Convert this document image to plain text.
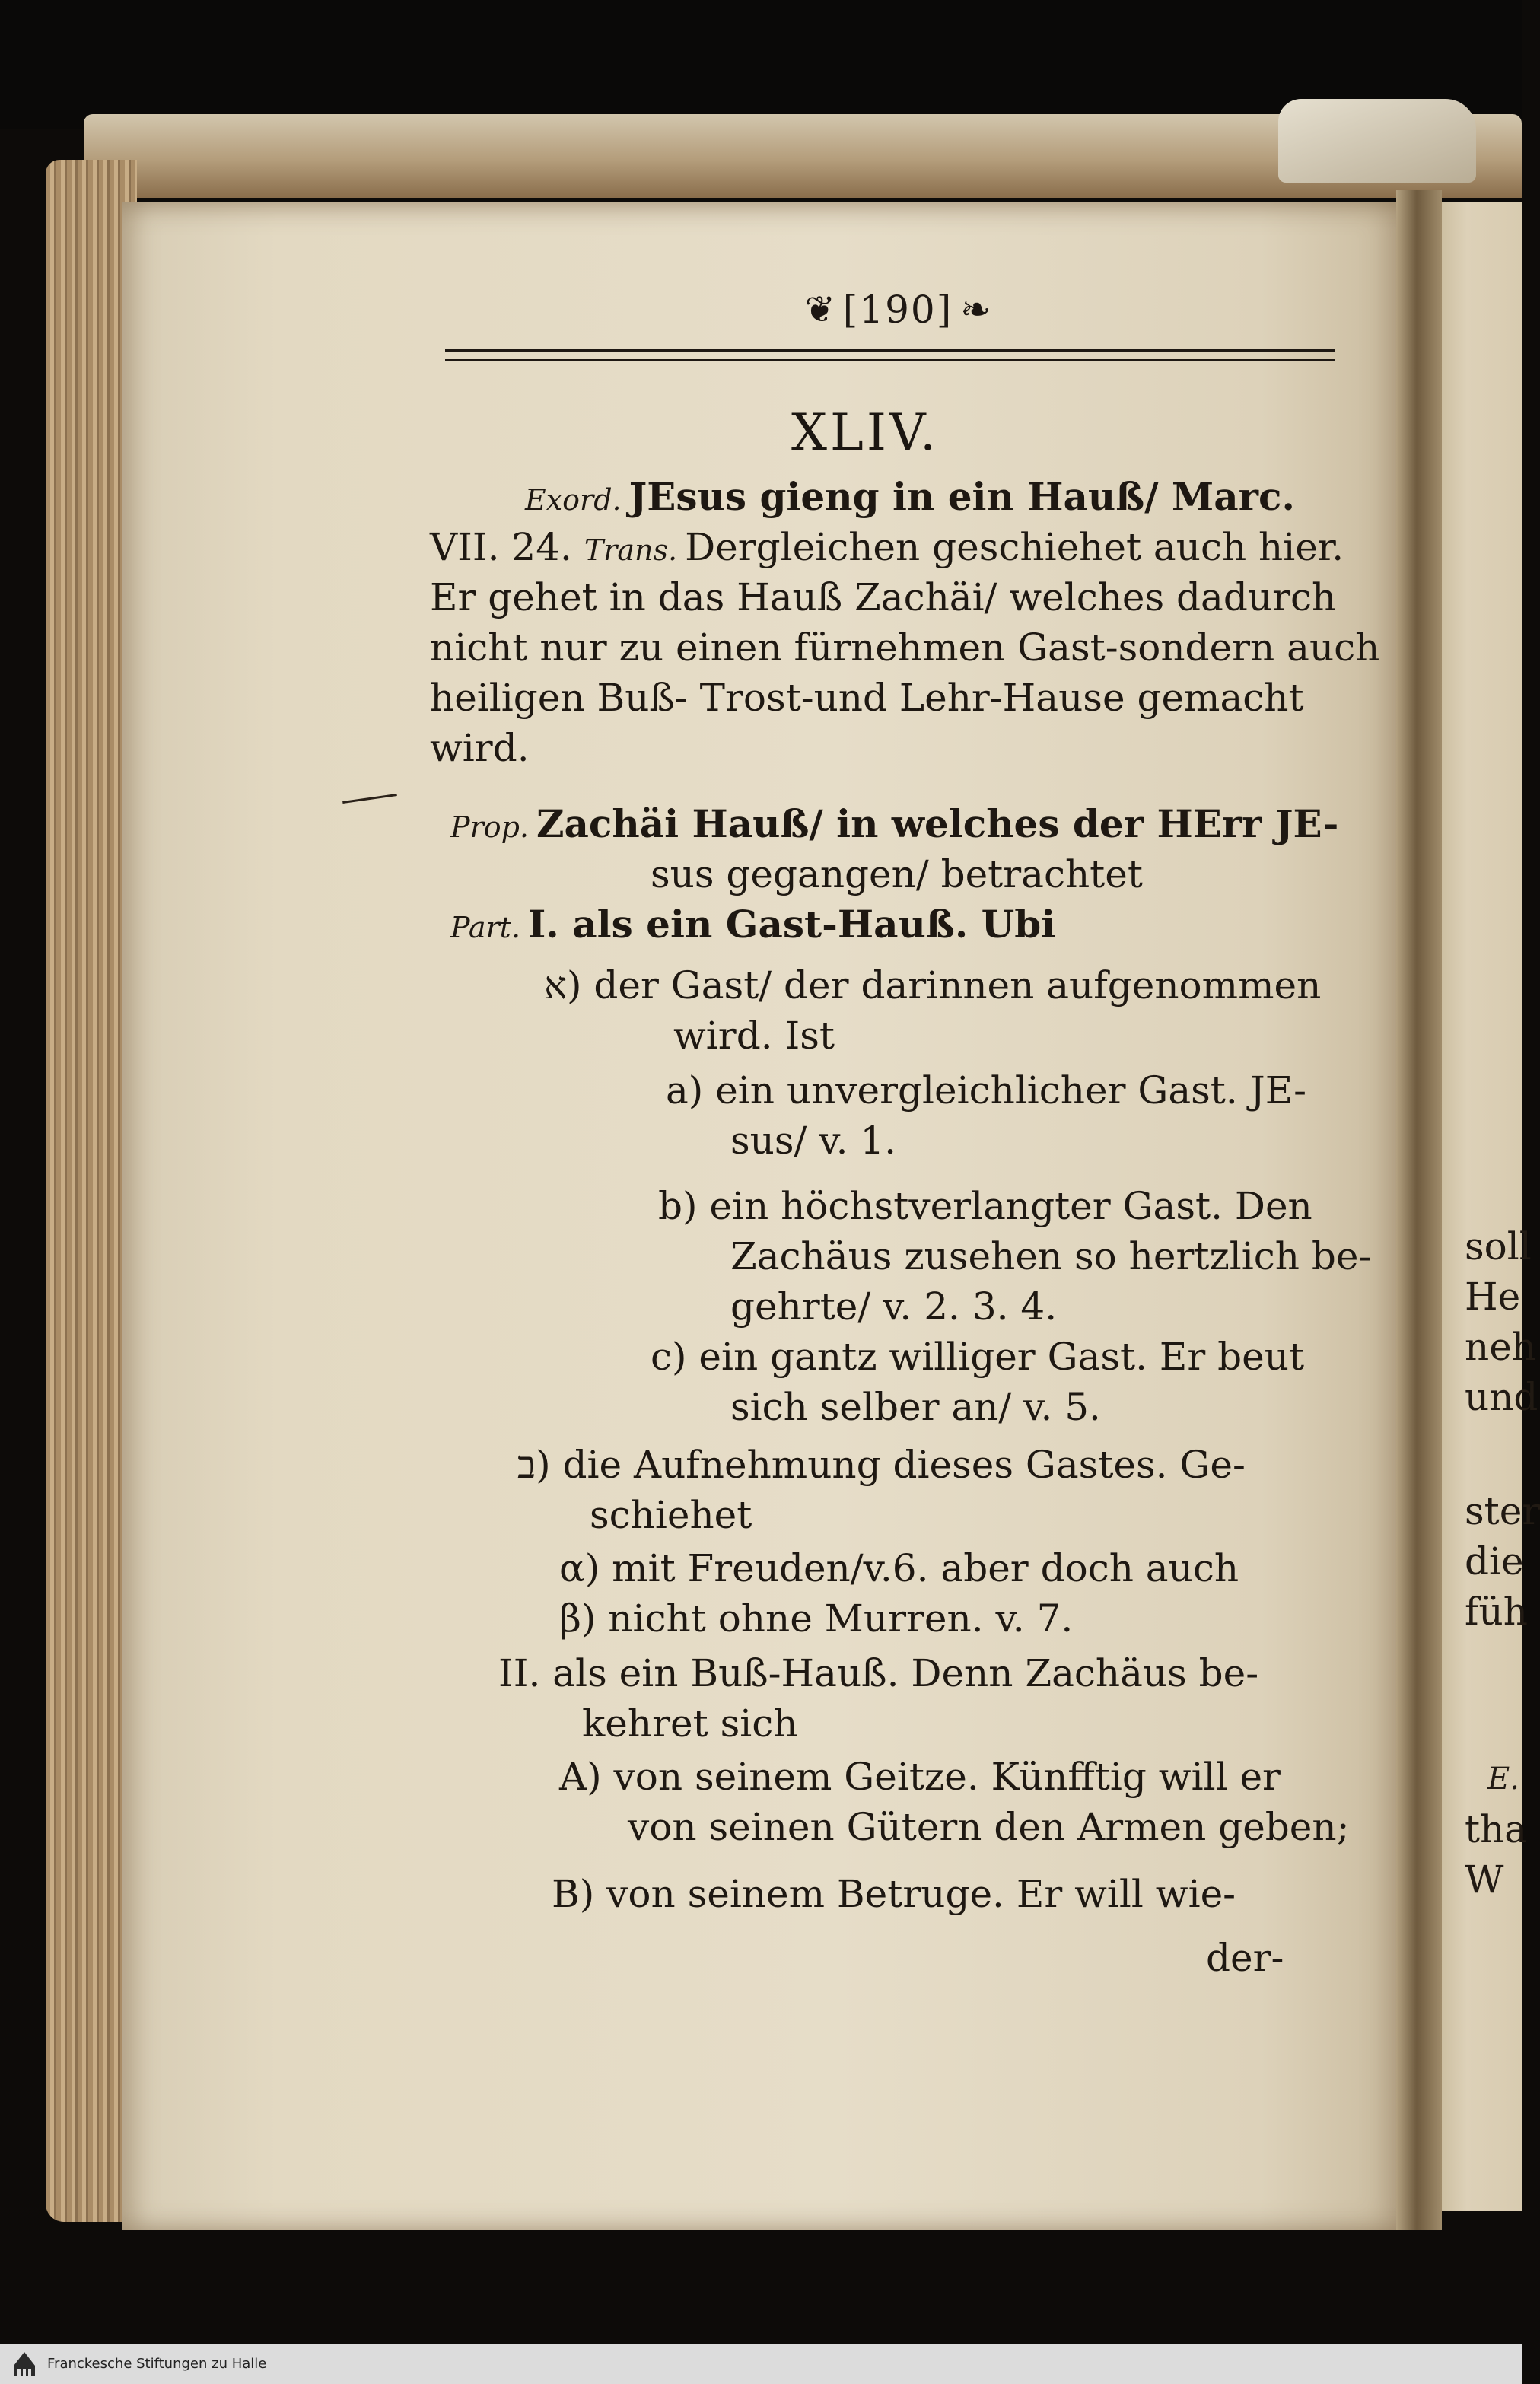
❦ [190] ❧
XLIV.
Exord. JEsus gieng in ein Hauß/ Marc.
VII. 24. Trans. Dergleichen geschiehet auch hier.
Er gehet in das Hauß Zachäi/ welches dadurch
nicht nur zu einen fürnehmen Gast-sondern auch
heiligen Buß- Trost-und Lehr-Hause gemacht
wird.
Prop. Zachäi Hauß/ in welches der HErr JE-
sus gegangen/ betrachtet
Part. I. als ein Gast-Hauß. Ubi
א) der Gast/ der darinnen aufgenommen
wird. Ist
a) ein unvergleichlicher Gast. JE-
sus/ v. 1.
b) ein höchstverlangter Gast. Den
Zachäus zusehen so hertzlich be-
gehrte/ v. 2. 3. 4.
c) ein gantz williger Gast. Er beut
sich selber an/ v. 5.
ב) die Aufnehmung dieses Gastes. Ge-
schiehet
α) mit Freuden/v.6. aber doch auch
β) nicht ohne Murren. v. 7.
II. als ein Buß-Hauß. Denn Zachäus be-
kehret sich
A) von seinem Geitze. Künfftig will er
von seinen Gütern den Armen geben;
B) von seinem Betruge. Er will wie-
der-
soll
He
neh
und
ster
die
füh
E.
tha
W
Franckesche Stiftungen zu Halle
